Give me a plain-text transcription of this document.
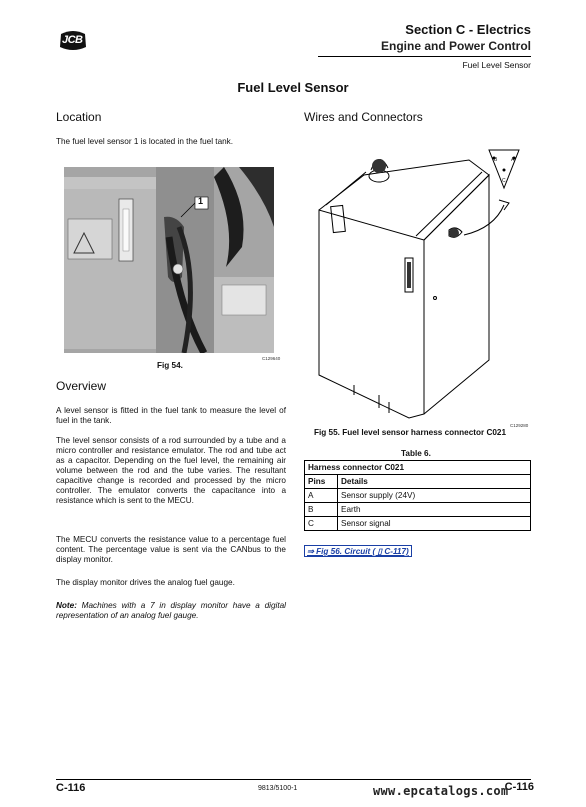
JCB
Section C - Electrics
Engine and Power Control
Fuel Level Sensor
Fuel Level Sensor
Location
The fuel level sensor 1 is located in the fuel tank.
1
Fig 54.
C129640
Overview
A level sensor is fitted in the fuel tank to measure the level of fuel in the tank.
The level sensor consists of a rod surrounded by a tube and a micro controller and resistance emulator. The rod and tube act as a capacitor. Depending on the fuel level, the remaining air volume between the rod and the tube varies. The resultant capacitive change is recorded and processed by the micro controller. The emulator converts the capacitance into a resistance which is sent to the MECU.
The MECU converts the resistance value to a percentage fuel content. The percentage value is sent via the CANbus to the display monitor.
The display monitor drives the analog fuel gauge.
Note: Machines with a 7 in display monitor have a digital representation of an analog fuel gauge.
Wires and Connectors
B	A
C
C129280
Fig 55. Fuel level sensor harness connector C021
Table 6.
Harness connector C021	
Pins	Details
A	Sensor supply (24V)
B	Earth
C	Sensor signal
⇒ Fig 56. Circuit ( ▯ C-117)
C-116	9813/5100-1	C-116
www.epcatalogs.com
